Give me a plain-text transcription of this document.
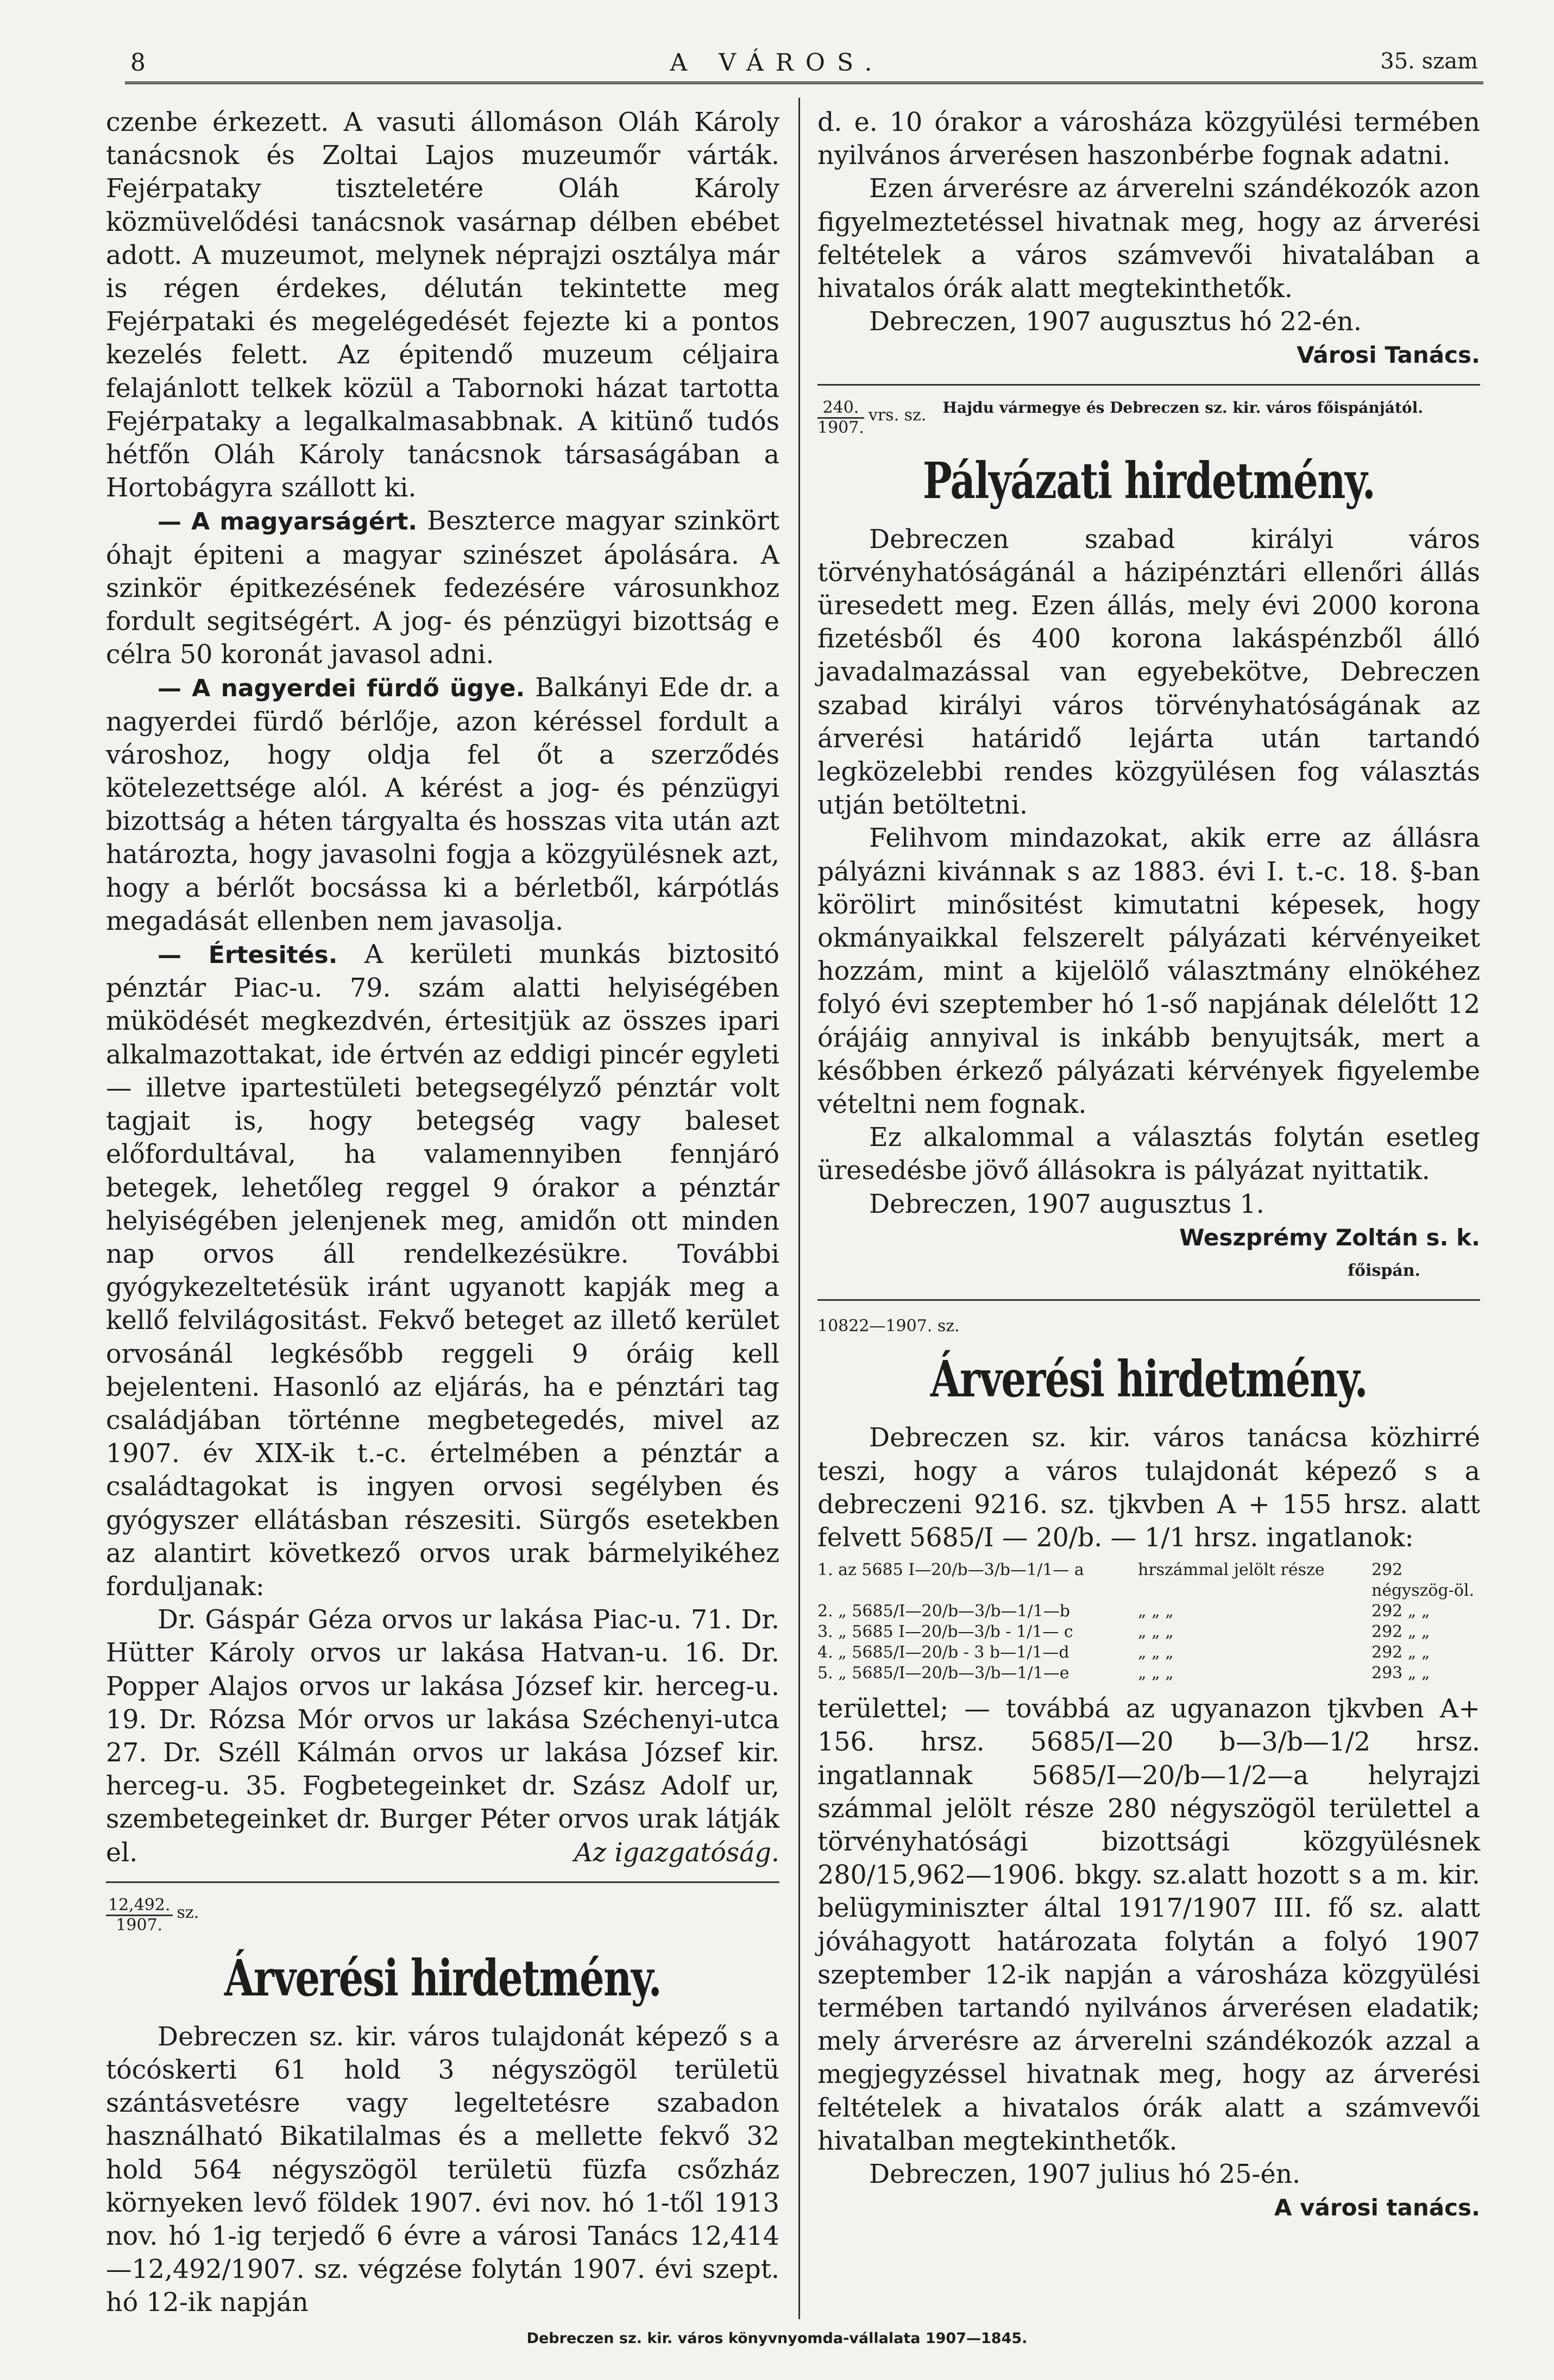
8	A VÁROS.	35. szam

czenbe érkezett. A vasuti állomáson Oláh Károly tanácsnok és Zoltai Lajos muzeumőr várták. Fejérpataky tiszteletére Oláh Károly közmüvelődési tanácsnok vasárnap délben ebébet adott. A muzeumot, melynek néprajzi osztálya már is régen érdekes, délután tekintette meg Fejérpataki és megelégedését fejezte ki a pontos kezelés felett. Az épitendő muzeum céljaira felajánlott telkek közül a Tabornoki házat tartotta Fejérpataky a legalkalmasabbnak. A kitünő tudós hétfőn Oláh Károly tanácsnok társaságában a Hortobágyra szállott ki.

— A magyarságért. Beszterce magyar szinkört óhajt épiteni a magyar szinészet ápolására. A szinkör épitkezésének fedezésére városunkhoz fordult segitségért. A jog- és pénzügyi bizottság e célra 50 koronát javasol adni.

— A nagyerdei fürdő ügye. Balkányi Ede dr. a nagyerdei fürdő bérlője, azon kéréssel fordult a városhoz, hogy oldja fel őt a szerződés kötelezettsége alól. A kérést a jog- és pénzügyi bizottság a héten tárgyalta és hosszas vita után azt határozta, hogy javasolni fogja a közgyülésnek azt, hogy a bérlőt bocsássa ki a bérletből, kárpótlás megadását ellenben nem javasolja.

— Értesités. A kerületi munkás biztositó pénztár Piac-u. 79. szám alatti helyiségében müködését megkezdvén, értesitjük az összes ipari alkalmazottakat, ide értvén az eddigi pincér egyleti — illetve ipartestületi betegsegélyző pénztár volt tagjait is, hogy betegség vagy baleset előfordultával, ha valamennyiben fennjáró betegek, lehetőleg reggel 9 órakor a pénztár helyiségében jelenjenek meg, amidőn ott minden nap orvos áll rendelkezésükre. További gyógykezeltetésük iránt ugyanott kapják meg a kellő felvilágositást. Fekvő beteget az illető kerület orvosánál legkésőbb reggeli 9 óráig kell bejelenteni. Hasonló az eljárás, ha e pénztári tag családjában történne megbetegedés, mivel az 1907. év XIX-ik t.-c. értelmében a pénztár a családtagokat is ingyen orvosi segélyben és gyógyszer ellátásban részesiti. Sürgős esetekben az alantirt következő orvos urak bármelyikéhez forduljanak:

Dr. Gáspár Géza orvos ur lakása Piac-u. 71. Dr. Hütter Károly orvos ur lakása Hatvan-u. 16. Dr. Popper Alajos orvos ur lakása József kir. herceg-u. 19. Dr. Rózsa Mór orvos ur lakása Széchenyi-utca 27. Dr. Széll Kálmán orvos ur lakása József kir. herceg-u. 35. Fogbetegeinket dr. Szász Adolf ur, szembetegeinket dr. Burger Péter orvos urak látják el.	Az igazgatóság.

$\frac{12,492.}{1907.}$ sz.
Árverési hirdetmény.

Debreczen sz. kir. város tulajdonát képező s a tócóskerti 61 hold 3 négyszögöl területü szántásvetésre vagy legeltetésre szabadon használható Bikatilalmas és a mellette fekvő 32 hold 564 négyszögöl területü füzfa csőzház környeken levő földek 1907. évi nov. hó 1-től 1913 nov. hó 1-ig terjedő 6 évre a városi Tanács 12,414—12,492/1907. sz. végzése folytán 1907. évi szept. hó 12-ik napján

d. e. 10 órakor a városháza közgyülési termében nyilvános árverésen haszonbérbe fognak adatni.

Ezen árverésre az árverelni szándékozók azon figyelmeztetéssel hivatnak meg, hogy az árverési feltételek a város számvevői hivatalában a hivatalos órák alatt megtekinthetők.

Debreczen, 1907 augusztus hó 22-én.

Városi Tanács.
$\frac{240.}{1907.}$ vrs. sz. Hajdu vármegye és Debreczen sz. kir. város főispánjától.
Pályázati hirdetmény.

Debreczen szabad királyi város törvényhatóságánál a házipénztári ellenőri állás üresedett meg. Ezen állás, mely évi 2000 korona fizetésből és 400 korona lakáspénzből álló javadalmazással van egyebekötve, Debreczen szabad királyi város törvényhatóságának az árverési határidő lejárta után tartandó legközelebbi rendes közgyülésen fog választás utján betöltetni.

Felihvom mindazokat, akik erre az állásra pályázni kivánnak s az 1883. évi I. t.-c. 18. §-ban körölirt minősitést kimutatni képesek, hogy okmányaikkal felszerelt pályázati kérvényeiket hozzám, mint a kijelölő választmány elnökéhez folyó évi szeptember hó 1-ső napjának délelőtt 12 órájáig annyival is inkább benyujtsák, mert a későbben érkező pályázati kérvények figyelembe vételtni nem fognak.

Ez alkalommal a választás folytán esetleg üresedésbe jövő állásokra is pályázat nyittatik.

Debreczen, 1907 augusztus 1.

Weszprémy Zoltán s. k.
főispán.
10822—1907. sz.
Árverési hirdetmény.

Debreczen sz. kir. város tanácsa közhirré teszi, hogy a város tulajdonát képező s a debreczeni 9216. sz. tjkvben A + 155 hrsz. alatt felvett 5685/I — 20/b. — 1/1 hrsz. ingatlanok:

1. az 5685 I—20/b—3/b—1/1— a	hrszámmal jelölt része	292 négyszög-öl.
2. „ 5685/I—20/b—3/b—1/1—b	„ „ „	292 „ „
3. „ 5685 I—20/b—3/b - 1/1— c	„ „ „	292 „ „
4. „ 5685/I—20/b - 3 b—1/1—d	„ „ „	292 „ „
5. „ 5685/I—20/b—3/b—1/1—e	„ „ „	293 „ „

területtel; — továbbá az ugyanazon tjkvben A+ 156. hrsz. 5685/I—20 b—3/b—1/2 hrsz. ingatlannak 5685/I—20/b—1/2—a helyrajzi számmal jelölt része 280 négyszögöl területtel a törvényhatósági bizottsági közgyülésnek 280/15,962—1906. bkgy. sz.alatt hozott s a m. kir. belügyminiszter által 1917/1907 III. fő sz. alatt jóváhagyott határozata folytán a folyó 1907 szeptember 12-ik napján a városháza közgyülési termében tartandó nyilvános árverésen eladatik; mely árverésre az árverelni szándékozók azzal a megjegyzéssel hivatnak meg, hogy az árverési feltételek a hivatalos órák alatt a számvevői hivatalban megtekinthetők.

Debreczen, 1907 julius hó 25-én.

A városi tanács.
Debreczen sz. kir. város könyvnyomda-vállalata 1907—1845.
